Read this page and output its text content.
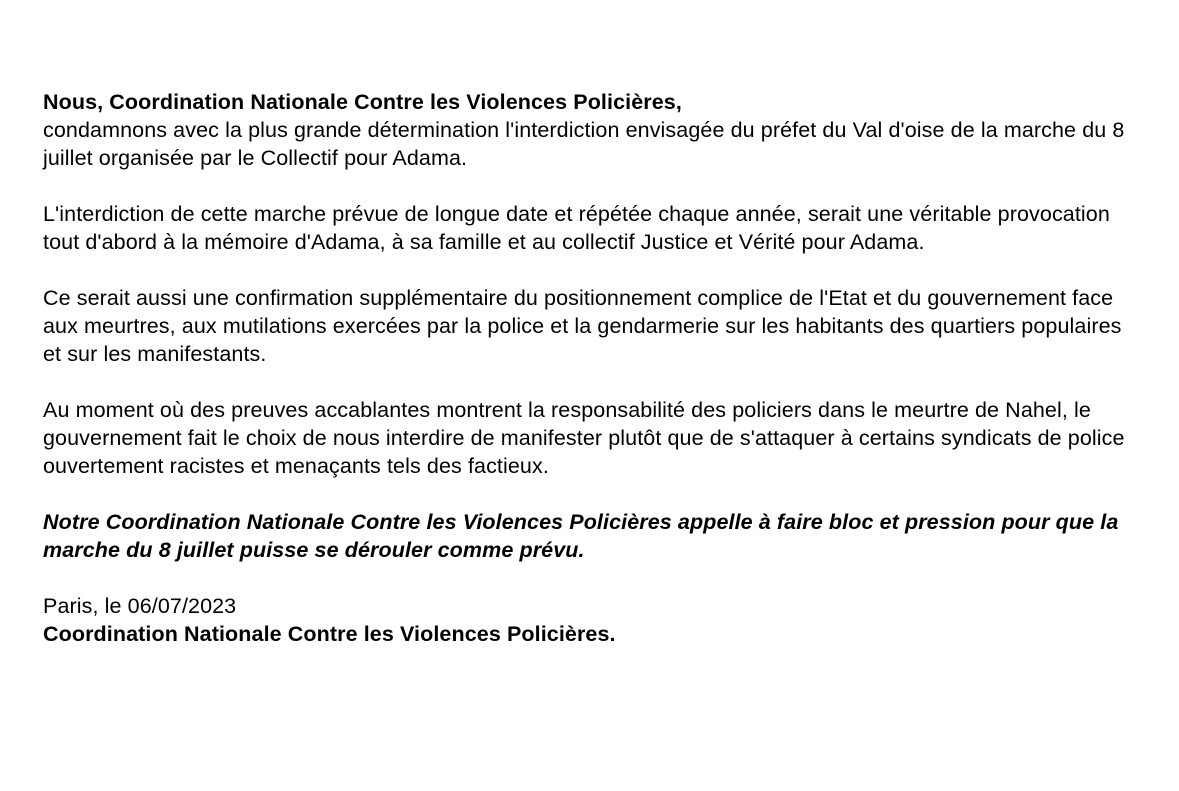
Nous, Coordination Nationale Contre les Violences Policières,
condamnons avec la plus grande détermination l'interdiction envisagée du préfet du Val d'oise de la marche du 8 juillet organisée par le Collectif pour Adama.

L'interdiction de cette marche prévue de longue date et répétée chaque année, serait une véritable provocation tout d'abord à la mémoire d'Adama, à sa famille et au collectif Justice et Vérité pour Adama.

Ce serait aussi une confirmation supplémentaire du positionnement complice de l'Etat et du gouvernement face aux meurtres, aux mutilations exercées par la police et la gendarmerie sur les habitants des quartiers populaires et sur les manifestants.

Au moment où des preuves accablantes montrent la responsabilité des policiers dans le meurtre de Nahel, le gouvernement fait le choix de nous interdire de manifester plutôt que de s'attaquer à certains syndicats de police ouvertement racistes et menaçants tels des factieux.

Notre Coordination Nationale Contre les Violences Policières appelle à faire bloc et pression pour que la marche du 8 juillet puisse se dérouler comme prévu.

Paris, le 06/07/2023
Coordination Nationale Contre les Violences Policières.
